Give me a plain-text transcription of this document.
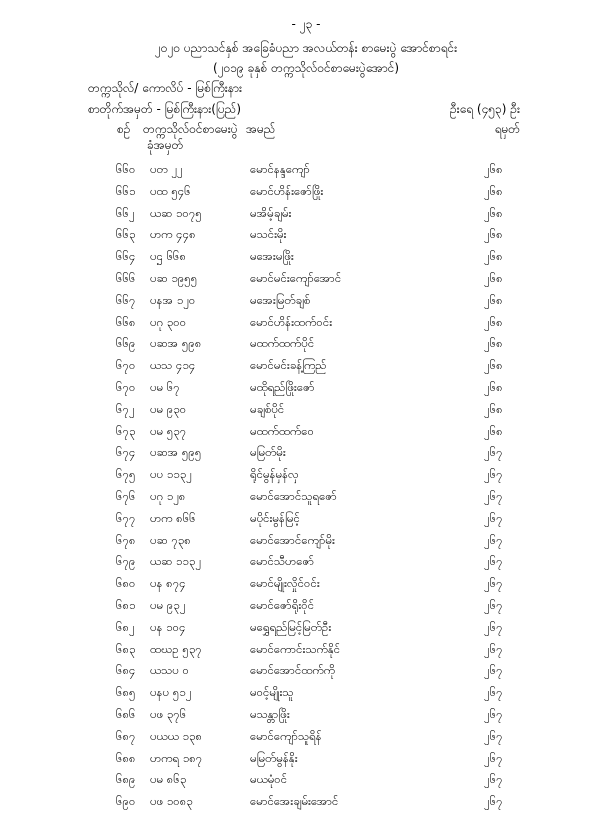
- ၂၃ -
၂၀၂၀ ပညာသင်နှစ် အခြေခံပညာ အလယ်တန်း စာမေးပွဲ အောင်စာရင်း
(၂၀၁၉ ခုနှစ် တက္ကသိုလ်ဝင်စာမေးပွဲအောင်)
တက္ကသိုလ်/ ကောလိပ် - မြစ်ကြီးနား
စာတိုက်အမှတ် - မြစ်ကြီးနား(ပြည်)	ဦးရေ (၄၅၃) ဦး
စဉ် တက္ကသိုလ်ဝင်စာမေးပွဲ
ခုံအမှတ်
အမည်	ရမှတ်
၆၆၀ ပတ ၂၂	မောင်နန္ဒကျော်	၂၆၈
၆၆၁ ပထ ၅၄၆	မောင်ဟိန်းဇော်ဖြိုး	၂၆၈
၆၆၂ ယဆ ၁၀၇၅	မအိမ့်ချမ်း	၂၆၈
၆၆၃ ဟက ၄၄၈	မသင်းမိုး	၂၆၈
၆၆၄ ပဌ ၆၆၈	မအေးမဖြိုး	၂၆၈
၆၆၆ ပဆ ၁၉၅၅	မောင်မင်းကျော်အောင်	၂၆၈
၆၆၇ ပနအ ၁၂၀	မအေးမြတ်ချစ်	၂၆၈
၆၆၈ ပဂု ၃၀၀	မောင်ဟိန်းထက်ဝင်း	၂၆၈
၆၆၉ ပဆအ ၅၉၈	မထက်ထက်ပိုင်	၂၆၈
၆၇၀ ယသ ၄၁၄	မောင်မင်းခန့်ကြည်	၂၆၈
၆၇၀ ပမ ၆၇	မထိုရည်ဖြိုးဇော်	၂၆၈
၆၇၂ ပမ ၉၃၀	မချစ်ပိုင်	၂၆၈
၆၇၃ ပမ ၅၃၇	မထက်ထက်ဝေ	၂၆၈
၆၇၄ ပဆအ ၅၉၅	မမြတ်မိုး	၂၆၇
၆၇၅ ပပ ၁၁၃၂	ရိုင်မွန်မှန်လှ	၂၆၇
၆၇၆ ပဂု ၁၂၈	မောင်အောင်သူရဇော်	၂၆၇
၆၇၇ ဟက ၈၆၆	မပိုင်းမွန်မြင့်	၂၆၇
၆၇၈ ပဆ ၇၃၈	မောင်အောင်ကျော်မိုး	၂၆၇
၆၇၉ ယဆ ၁၁၃၂	မောင်သီဟဇော်	၂၆၇
၆၈၀ ပန ၈၇၄	မောင်မျိုးလှိုင်ဝင်း	၂၆၇
၆၈၁ ပမ ၉၃၂	မောင်ဇော်ရိုးဝိုင်	၂၆၇
၆၈၂ ပန ၁၀၄	မရွှေရည်မြင့်မြတ်ဦး	၂၆၇
၆၈၃ ထဃဥ ၅၃၇	မောင်ကောင်းသက်နိုင်	၂၆၇
၆၈၄ ယသပ ၀	မောင်အောင်ထက်ကို	၂၆၇
၆၈၅ ပနပ ၅၁၂	မဝင့်မျိုးသူ	၂၆၇
၆၈၆ ပဖ ၃၇၆	မသန္တာဖြိုး	၂၆၇
၆၈၇ ပယယ ၁၃၈	မောင်ကျော်သူရိန်	၂၆၇
၆၈၈ ဟကရ ၁၈၇	မမြတ်မွန်နိုး	၂၆၇
၆၈၉ ပမ ၈၆၃	မယမုံဝင်	၂၆၇
၆၉၀ ပဖ ၁၀၈၃	မောင်အေးချမ်းအောင်	၂၆၇
